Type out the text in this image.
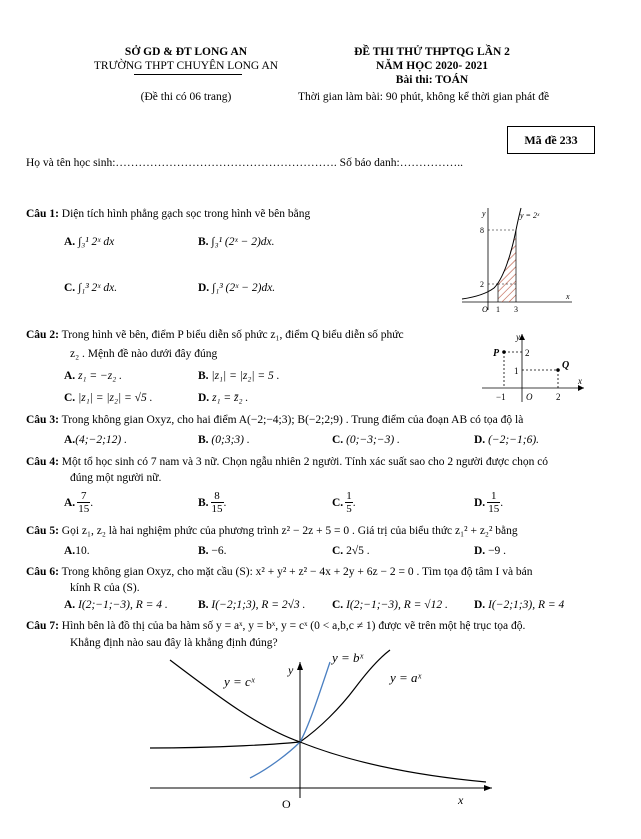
SỞ GD & ĐT LONG AN
TRƯỜNG THPT CHUYÊN LONG AN
(Đề thi có 06 trang)
ĐỀ THI THỬ THPTQG LẦN 2
NĂM HỌC 2020- 2021
Bài thi: TOÁN
Thời gian làm bài: 90 phút, không kể thời gian phát đề
Mã đề 233
Họ và tên học sinh:…………………………………………………. Số báo danh:……………..
Câu 1: Diện tích hình phẳng gạch sọc trong hình vẽ bên bằng
A. ∫₃¹ 2ˣ dx	B. ∫₃¹ (2ˣ − 2)dx.
C. ∫₁³ 2ˣ dx.	D. ∫₁³ (2ˣ − 2)dx.
y
x
y = 2ˣ
8
2
O 1 3
Câu 2: Trong hình vẽ bên, điểm P biểu diễn số phức z₁, điểm Q biểu diễn số phức
z₂ . Mệnh đề nào dưới đây đúng
A. z₁ = −z₂ .	B. |z₁| = |z₂| = 5 .
C. |z₁| = |z₂| = √5 .	D. z₁ = z̄₂ .
y
x
P
Q
2
1
−1 O	2
Câu 3: Trong không gian Oxyz, cho hai điểm A(−2;−4;3); B(−2;2;9) . Trung điểm của đoạn AB có tọa độ là
A.(4;−2;12) .	B. (0;3;3) .	C. (0;−3;−3) .	D. (−2;−1;6).
Câu 4: Một tổ học sinh có 7 nam và 3 nữ. Chọn ngẫu nhiên 2 người. Tính xác suất sao cho 2 người được chọn có
đúng một người nữ.
A.
7
15
.	B.
8
15
.	C.
1
5
.	D.
1
15
.
Câu 5: Gọi z₁, z₂ là hai nghiệm phức của phương trình z² − 2z + 5 = 0 . Giá trị của biểu thức z₁² + z₂² bằng
A.10.	B. −6.	C. 2√5 .	D. −9 .
Câu 6: Trong không gian Oxyz, cho mặt cầu (S): x² + y² + z² − 4x + 2y + 6z − 2 = 0 . Tìm tọa độ tâm I và bán
kính R của (S).
A. I(2;−1;−3), R = 4 .	B. I(−2;1;3), R = 2√3 . C. I(2;−1;−3), R = √12 . D. I(−2;1;3), R = 4
Câu 7: Hình bên là đồ thị của ba hàm số y = aˣ, y = bˣ, y = cˣ (0 < a,b,c ≠ 1) được vẽ trên một hệ trục tọa độ.
Khẳng định nào sau đây là khẳng định đúng?
y
x
O
y = cˣ
y = bˣ
y = aˣ
